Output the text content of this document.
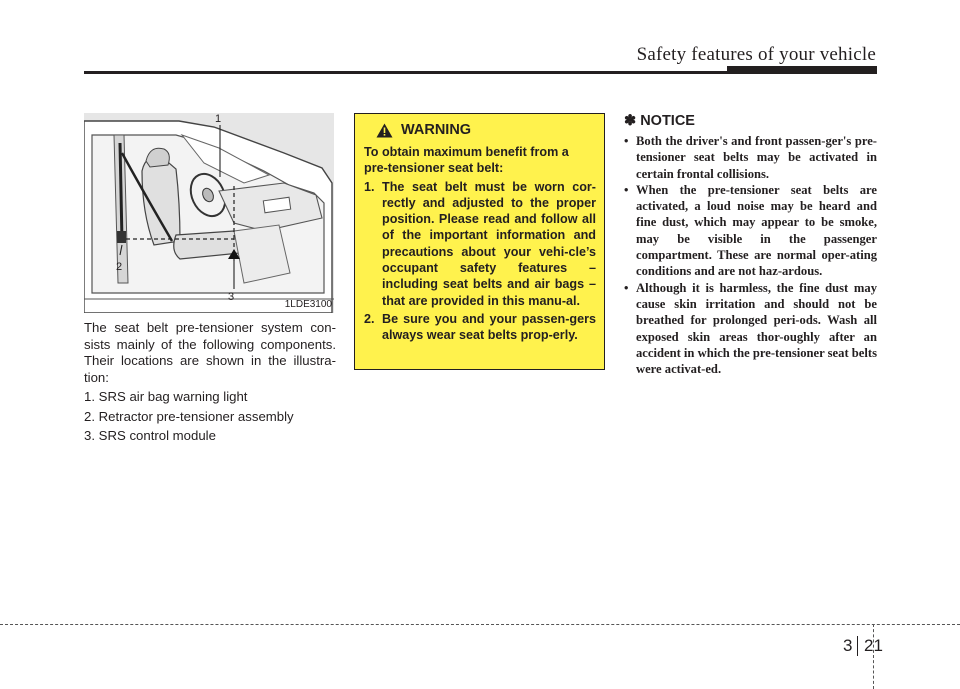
Safety features of your vehicle
1
2
3
1LDE3100

The seat belt pre-tensioner system con-sists mainly of the following components. Their locations are shown in the illustra-tion:

1. SRS air bag warning light
2. Retractor pre-tensioner assembly
3. SRS control module
WARNING

To obtain maximum benefit from a pre-tensioner seat belt:

1. The seat belt must be worn cor-rectly and adjusted to the proper position. Please read and follow all of the important information and precautions about your vehi-cle’s occupant safety features – including seat belts and air bags – that are provided in this manu-al.
2. Be sure you and your passen-gers always wear seat belts prop-erly.
✽ NOTICE
• Both the driver's and front passen-ger's pre-tensioner seat belts may be activated in certain frontal collisions.
• When the pre-tensioner seat belts are activated, a loud noise may be heard and fine dust, which may appear to be smoke, may be visible in the passenger compartment. These are normal oper-ating conditions and are not haz-ardous.
• Although it is harmless, the fine dust may cause skin irritation and should not be breathed for prolonged peri-ods. Wash all exposed skin areas thor-oughly after an accident in which the pre-tensioner seat belts were activat-ed.
3 21
